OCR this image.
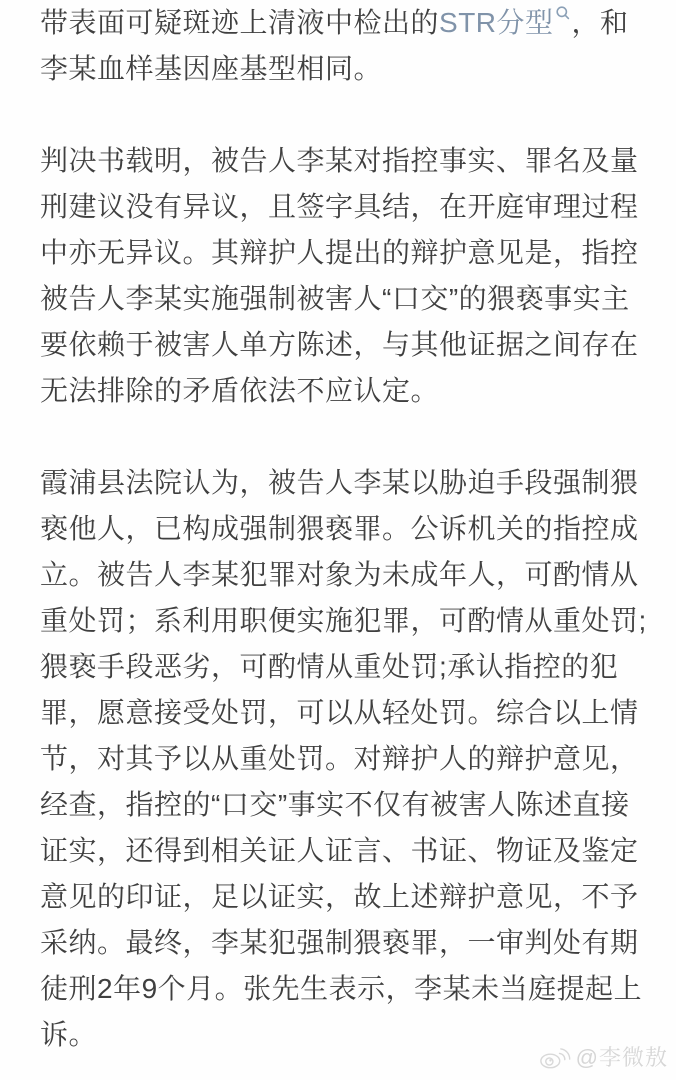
带表面可疑斑迹上清液中检出的STR分型 ，和
李某血样基因座基型相同。
判决书载明，被告人李某对指控事实、罪名及量
刑建议没有异议，且签字具结，在开庭审理过程
中亦无异议。其辩护人提出的辩护意见是，指控
被告人李某实施强制被害人“口交”的猥亵事实主
要依赖于被害人单方陈述，与其他证据之间存在
无法排除的矛盾依法不应认定。
霞浦县法院认为，被告人李某以胁迫手段强制猥
亵他人，已构成强制猥亵罪。公诉机关的指控成
立。被告人李某犯罪对象为未成年人，可酌情从
重处罚；系利用职便实施犯罪，可酌情从重处罚;
猥亵手段恶劣，可酌情从重处罚;承认指控的犯
罪，愿意接受处罚，可以从轻处罚。综合以上情
节，对其予以从重处罚。对辩护人的辩护意见，
经查，指控的“口交”事实不仅有被害人陈述直接
证实，还得到相关证人证言、书证、物证及鉴定
意见的印证，足以证实，故上述辩护意见，不予
采纳。最终，李某犯强制猥亵罪，一审判处有期
徒刑2年9个月。张先生表示，李某未当庭提起上
诉。
@李微敖
